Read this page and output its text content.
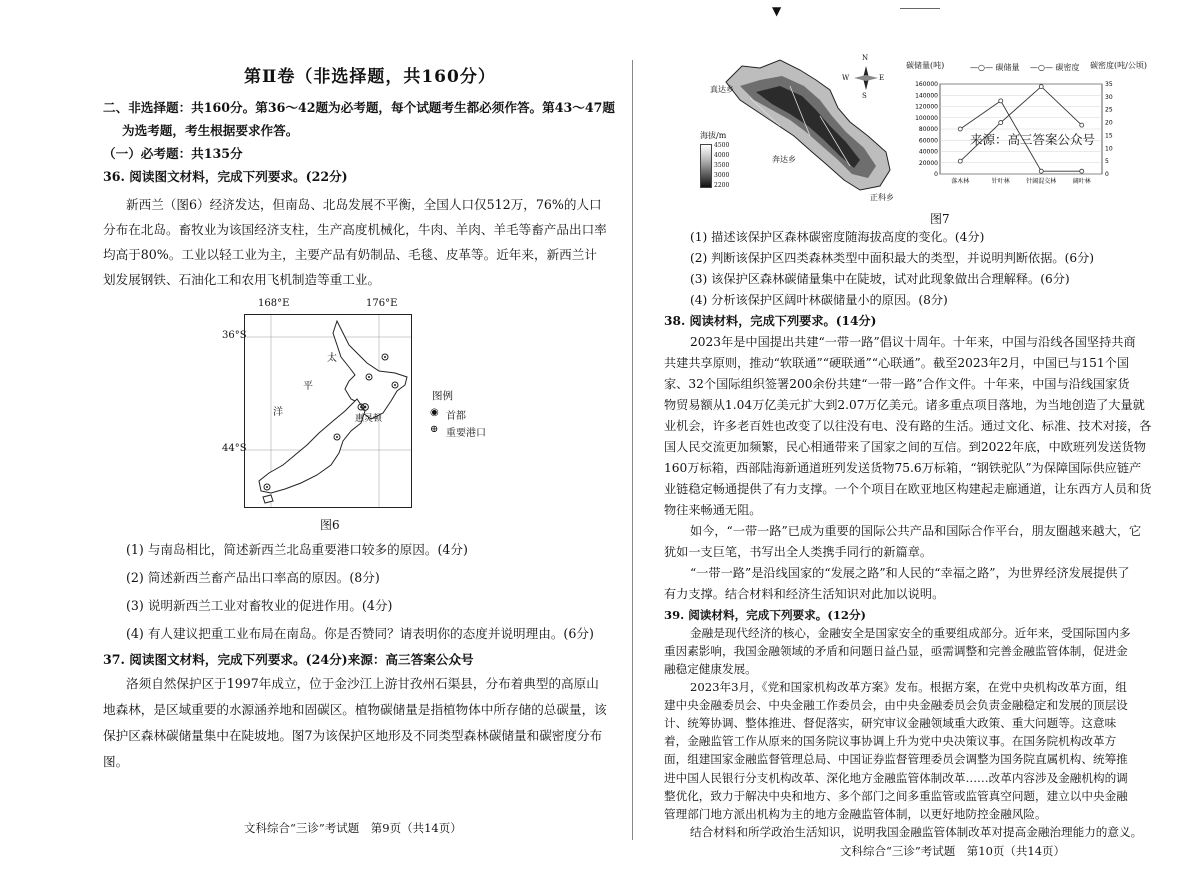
▼
第Ⅱ卷（非选择题，共160分）
二、非选择题：共160分。第36～42题为必考题，每个试题考生都必须作答。第43～47题
为选考题，考生根据要求作答。
（一）必考题：共135分
36. 阅读图文材料，完成下列要求。(22分)
新西兰（图6）经济发达，但南岛、北岛发展不平衡，全国人口仅512万，76%的人口
分布在北岛。畜牧业为该国经济支柱，生产高度机械化，牛肉、羊肉、羊毛等畜产品出口率
均高于80%。工业以轻工业为主，主要产品有奶制品、毛毯、皮革等。近年来，新西兰计
划发展钢铁、石油化工和农用飞机制造等重工业。
168°E	176°E
36°S
44°S
太
平
洋
惠灵顿
图例
◉ 首都
⊕ 重要港口
图6
(1) 与南岛相比，简述新西兰北岛重要港口较多的原因。(4分)
(2) 简述新西兰畜产品出口率高的原因。(8分)
(3) 说明新西兰工业对畜牧业的促进作用。(4分)
(4) 有人建议把重工业布局在南岛。你是否赞同？请表明你的态度并说明理由。(6分)
37. 阅读图文材料，完成下列要求。(24分)来源：高三答案公众号
洛须自然保护区于1997年成立，位于金沙江上游甘孜州石渠县，分布着典型的高原山
地森林，是区域重要的水源涵养地和固碳区。植物碳储量是指植物体中所存储的总碳量，该
保护区森林碳储量集中在陡坡地。图7为该保护区地形及不同类型森林碳储量和碳密度分布
图。
文科综合“三诊”考试题　第9页（共14页）
真达乡
奔达乡
正科乡
海拔/m
4500
4000
3500
3000
2200
N
E
S
W
0
20000
40000
60000
80000
100000
120000
140000
160000
0
5
10
15
20
25
30
35
落木林	针叶林	针阔混交林	阔叶林
碳储量(吨)	碳密度(吨/公顷)
—○— 碳储量 —○— 碳密度
来源：高三答案公众号
图7
(1) 描述该保护区森林碳密度随海拔高度的变化。(4分)
(2) 判断该保护区四类森林类型中面积最大的类型，并说明判断依据。(6分)
(3) 该保护区森林碳储量集中在陡坡，试对此现象做出合理解释。(6分)
(4) 分析该保护区阔叶林碳储量小的原因。(8分)
38. 阅读材料，完成下列要求。(14分)
2023年是中国提出共建“一带一路”倡议十周年。十年来，中国与沿线各国坚持共商
共建共享原则，推动“软联通”“硬联通”“心联通”。截至2023年2月，中国已与151个国
家、32个国际组织签署200余份共建“一带一路”合作文件。十年来，中国与沿线国家货
物贸易额从1.04万亿美元扩大到2.07万亿美元。诸多重点项目落地，为当地创造了大量就
业机会，许多老百姓也改变了以往没有电、没有路的生活。通过文化、标准、技术对接，各
国人民交流更加频繁，民心相通带来了国家之间的互信。到2022年底，中欧班列发送货物
160万标箱，西部陆海新通道班列发送货物75.6万标箱，“钢铁驼队”为保障国际供应链产
业链稳定畅通提供了有力支撑。一个个项目在欧亚地区构建起走廊通道，让东西方人员和货
物往来畅通无阻。
如今，“一带一路”已成为重要的国际公共产品和国际合作平台，朋友圈越来越大，它
犹如一支巨笔，书写出全人类携手同行的新篇章。
“一带一路”是沿线国家的“发展之路”和人民的“幸福之路”，为世界经济发展提供了
有力支撑。结合材料和经济生活知识对此加以说明。
39. 阅读材料，完成下列要求。(12分)
金融是现代经济的核心，金融安全是国家安全的重要组成部分。近年来，受国际国内多
重因素影响，我国金融领域的矛盾和问题日益凸显，亟需调整和完善金融监管体制，促进金
融稳定健康发展。
2023年3月，《党和国家机构改革方案》发布。根据方案，在党中央机构改革方面，组
建中央金融委员会、中央金融工作委员会，由中央金融委员会负责金融稳定和发展的顶层设
计、统筹协调、整体推进、督促落实，研究审议金融领域重大政策、重大问题等。这意味
着，金融监管工作从原来的国务院议事协调上升为党中央决策议事。在国务院机构改革方
面，组建国家金融监督管理总局、中国证券监督管理委员会调整为国务院直属机构、统筹推
进中国人民银行分支机构改革、深化地方金融监管体制改革……改革内容涉及金融机构的调
文科综合“三诊”考试题　第10页（共14页）
整优化，致力于解决中央和地方、多个部门之间多重监管或监管真空问题，建立以中央金融
管理部门地方派出机构为主的地方金融监管体制，以更好地防控金融风险。
结合材料和所学政治生活知识，说明我国金融监管体制改革对提高金融治理能力的意义。
